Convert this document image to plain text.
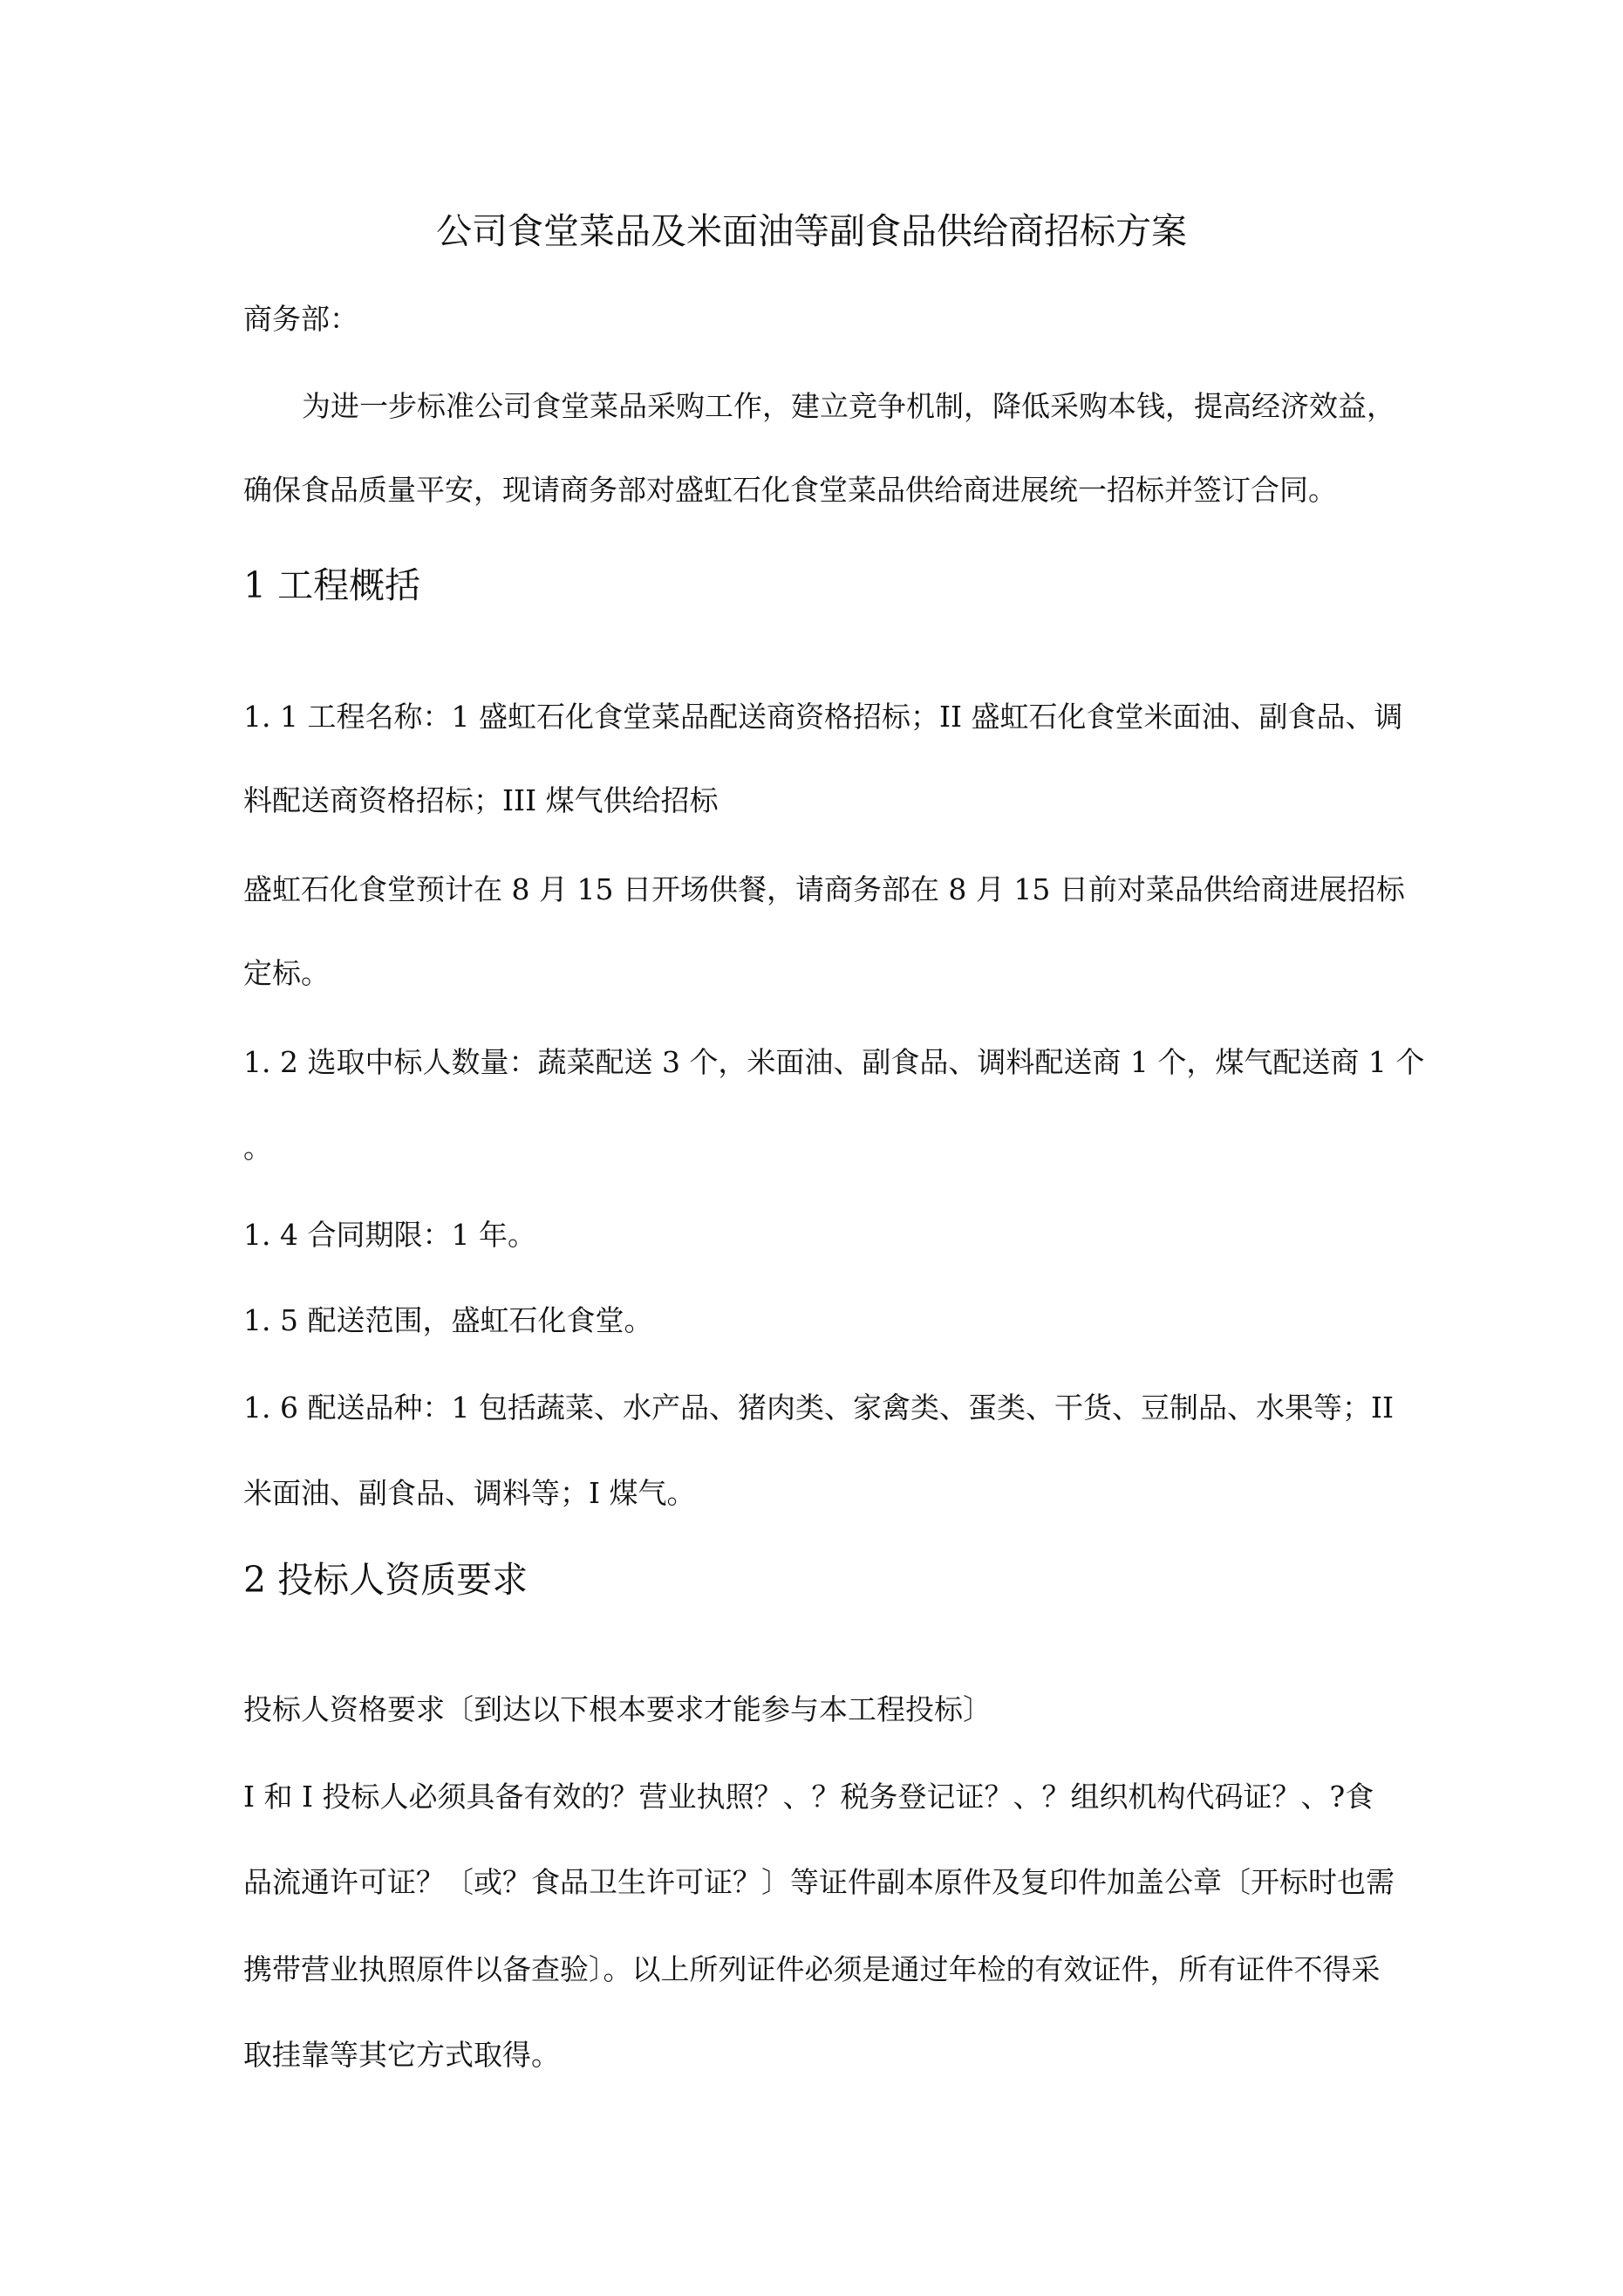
公司食堂菜品及米面油等副食品供给商招标方案
商务部：
为进一步标准公司食堂菜品采购工作，建立竞争机制，降低采购本钱，提高经济效益，
确保食品质量平安，现请商务部对盛虹石化食堂菜品供给商进展统一招标并签订合同。
1 工程概括
1. 1 工程名称：1 盛虹石化食堂菜品配送商资格招标；II 盛虹石化食堂米面油、副食品、调
料配送商资格招标；III 煤气供给招标
盛虹石化食堂预计在 8 月 15 日开场供餐，请商务部在 8 月 15 日前对菜品供给商进展招标
定标。
1. 2 选取中标人数量：蔬菜配送 3 个，米面油、副食品、调料配送商 1 个，煤气配送商 1 个
。
1. 4 合同期限：1 年。
1. 5 配送范围，盛虹石化食堂。
1. 6 配送品种：1 包括蔬菜、水产品、猪肉类、家禽类、蛋类、干货、豆制品、水果等；II
米面油、副食品、调料等；I 煤气。
2 投标人资质要求
投标人资格要求〔到达以下根本要求才能参与本工程投标〕
I 和 I 投标人必须具备有效的？营业执照？、？税务登记证？、？组织机构代码证？、?食
品流通许可证？〔或？食品卫生许可证？〕等证件副本原件及复印件加盖公章〔开标时也需
携带营业执照原件以备查验〕。以上所列证件必须是通过年检的有效证件，所有证件不得采
取挂靠等其它方式取得。
